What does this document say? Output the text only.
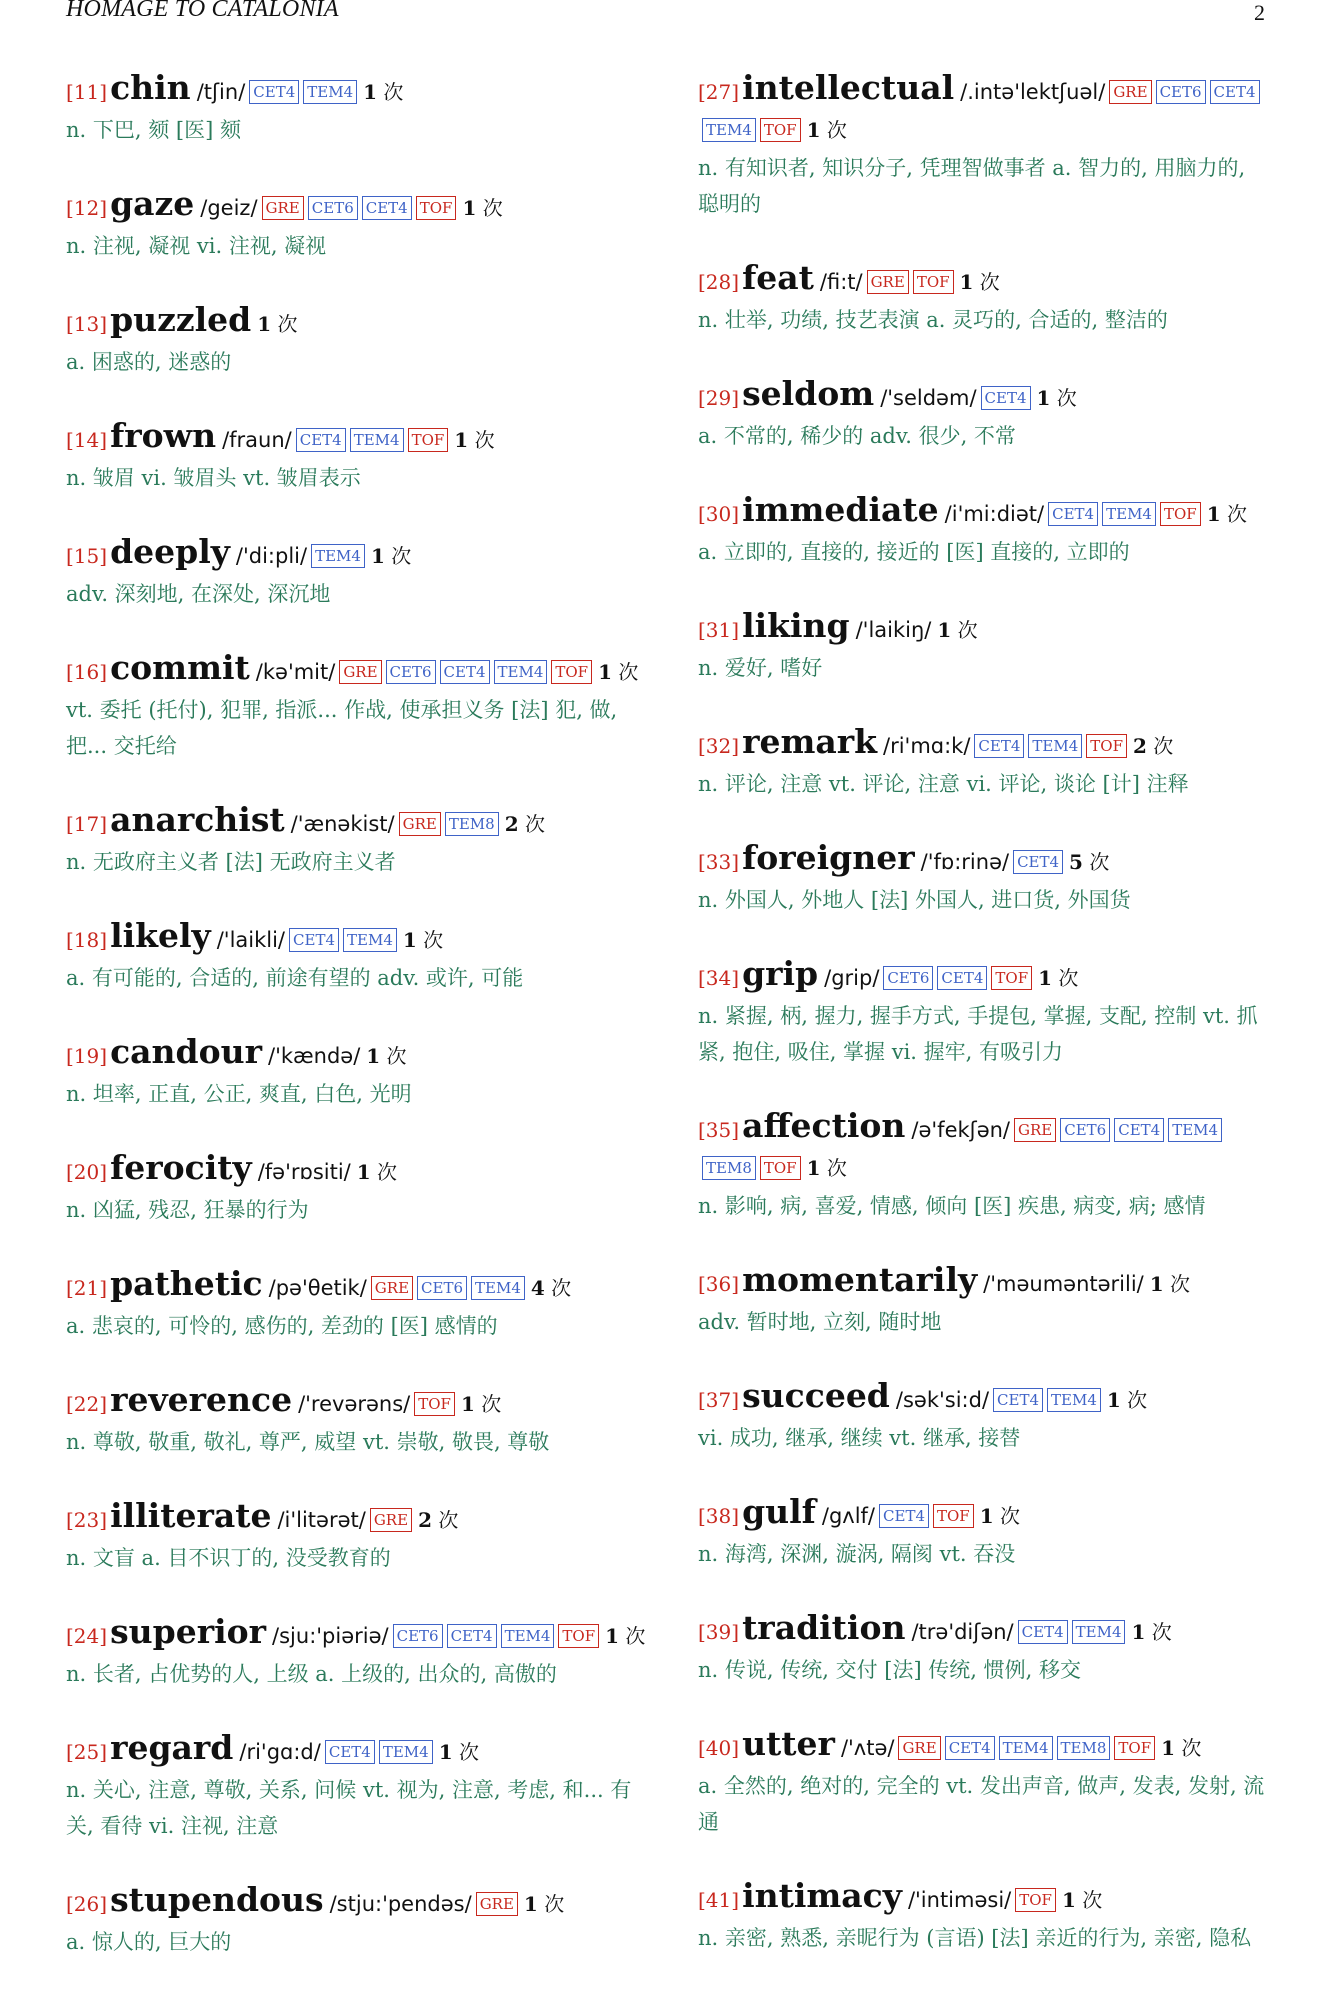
HOMAGE TO CATALONIA	2
[11]chin /tʃin/ CET4 TEM4 1 次
n. 下巴, 颏 [医] 颏
[12]gaze /geiz/ GRE CET6 CET4 TOF 1 次
n. 注视, 凝视 vi. 注视, 凝视
[13]puzzled 1 次
a. 困惑的, 迷惑的
[14]frown /fraun/ CET4 TEM4 TOF 1 次
n. 皱眉 vi. 皱眉头 vt. 皱眉表示
[15]deeply /'di:pli/ TEM4 1 次
adv. 深刻地, 在深处, 深沉地
[16]commit /kə'mit/ GRE CET6 CET4 TEM4 TOF 1 次
vt. 委托 (托付), 犯罪, 指派... 作战, 使承担义务 [法] 犯, 做, 把... 交托给
[17]anarchist /'ænəkist/ GRE TEM8 2 次
n. 无政府主义者 [法] 无政府主义者
[18]likely /'laikli/ CET4 TEM4 1 次
a. 有可能的, 合适的, 前途有望的 adv. 或许, 可能
[19]candour /'kændə/ 1 次
n. 坦率, 正直, 公正, 爽直, 白色, 光明
[20]ferocity /fə'rɒsiti/ 1 次
n. 凶猛, 残忍, 狂暴的行为
[21]pathetic /pə'θetik/ GRE CET6 TEM4 4 次
a. 悲哀的, 可怜的, 感伤的, 差劲的 [医] 感情的
[22]reverence /'revərəns/ TOF 1 次
n. 尊敬, 敬重, 敬礼, 尊严, 威望 vt. 崇敬, 敬畏, 尊敬
[23]illiterate /i'litərət/ GRE 2 次
n. 文盲 a. 目不识丁的, 没受教育的
[24]superior /sju:'piəriə/ CET6 CET4 TEM4 TOF 1 次
n. 长者, 占优势的人, 上级 a. 上级的, 出众的, 高傲的
[25]regard /ri'gɑ:d/ CET4 TEM4 1 次
n. 关心, 注意, 尊敬, 关系, 问候 vt. 视为, 注意, 考虑, 和... 有关, 看待 vi. 注视, 注意
[26]stupendous /stju:'pendəs/ GRE 1 次
a. 惊人的, 巨大的
[27]intellectual /.intə'lektʃuəl/ GRE CET6 CET4TEM4 TOF 1 次
n. 有知识者, 知识分子, 凭理智做事者 a. 智力的, 用脑力的, 聪明的
[28]feat /fi:t/ GRE TOF 1 次
n. 壮举, 功绩, 技艺表演 a. 灵巧的, 合适的, 整洁的
[29]seldom /'seldəm/ CET4 1 次
a. 不常的, 稀少的 adv. 很少, 不常
[30]immediate /i'mi:diət/ CET4 TEM4 TOF 1 次
a. 立即的, 直接的, 接近的 [医] 直接的, 立即的
[31]liking /'laikiŋ/ 1 次
n. 爱好, 嗜好
[32]remark /ri'mɑ:k/ CET4 TEM4 TOF 2 次
n. 评论, 注意 vt. 评论, 注意 vi. 评论, 谈论 [计] 注释
[33]foreigner /'fɒ:rinə/ CET4 5 次
n. 外国人, 外地人 [法] 外国人, 进口货, 外国货
[34]grip /grip/ CET6 CET4 TOF 1 次
n. 紧握, 柄, 握力, 握手方式, 手提包, 掌握, 支配, 控制 vt. 抓紧, 抱住, 吸住, 掌握 vi. 握牢, 有吸引力
[35]affection /ə'fekʃən/ GRE CET6 CET4 TEM4TEM8 TOF 1 次
n. 影响, 病, 喜爱, 情感, 倾向 [医] 疾患, 病变, 病; 感情
[36]momentarily /'məuməntərili/ 1 次
adv. 暂时地, 立刻, 随时地
[37]succeed /sək'si:d/ CET4 TEM4 1 次
vi. 成功, 继承, 继续 vt. 继承, 接替
[38]gulf /gʌlf/ CET4 TOF 1 次
n. 海湾, 深渊, 漩涡, 隔阂 vt. 吞没
[39]tradition /trə'diʃən/ CET4 TEM4 1 次
n. 传说, 传统, 交付 [法] 传统, 惯例, 移交
[40]utter /'ʌtə/ GRE CET4 TEM4 TEM8 TOF 1 次
a. 全然的, 绝对的, 完全的 vt. 发出声音, 做声, 发表, 发射, 流通
[41]intimacy /'intiməsi/ TOF 1 次
n. 亲密, 熟悉, 亲昵行为 (言语) [法] 亲近的行为, 亲密, 隐私
